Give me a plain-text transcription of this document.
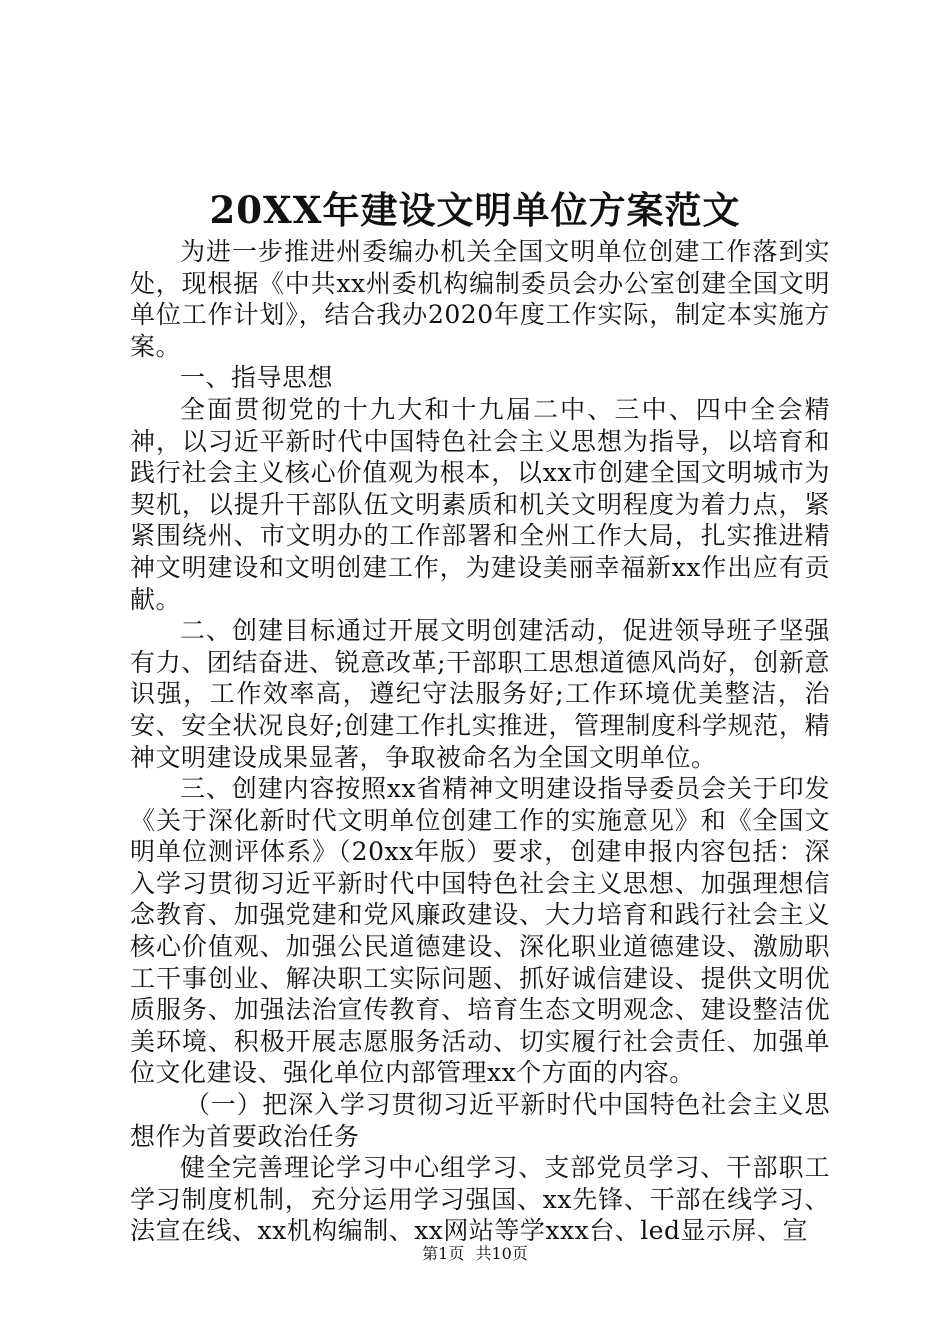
20XX年建设文明单位方案范文

为进一步推进州委编办机关全国文明单位创建工作落到实处，现根据《中共xx州委机构编制委员会办公室创建全国文明单位工作计划》，结合我办2020年度工作实际，制定本实施方案。

一、指导思想

全面贯彻党的十九大和十九届二中、三中、四中全会精神，以习近平新时代中国特色社会主义思想为指导，以培育和践行社会主义核心价值观为根本，以xx市创建全国文明城市为契机，以提升干部队伍文明素质和机关文明程度为着力点，紧紧围绕州、市文明办的工作部署和全州工作大局，扎实推进精神文明建设和文明创建工作，为建设美丽幸福新xx作出应有贡献。

二、创建目标通过开展文明创建活动，促进领导班子坚强有力、团结奋进、锐意改革;干部职工思想道德风尚好，创新意识强，工作效率高，遵纪守法服务好;工作环境优美整洁，治安、安全状况良好;创建工作扎实推进，管理制度科学规范，精神文明建设成果显著，争取被命名为全国文明单位。

三、创建内容按照xx省精神文明建设指导委员会关于印发《关于深化新时代文明单位创建工作的实施意见》和《全国文明单位测评体系》（20xx年版）要求，创建申报内容包括：深入学习贯彻习近平新时代中国特色社会主义思想、加强理想信念教育、加强党建和党风廉政建设、大力培育和践行社会主义核心价值观、加强公民道德建设、深化职业道德建设、激励职工干事创业、解决职工实际问题、抓好诚信建设、提供文明优质服务、加强法治宣传教育、培育生态文明观念、建设整洁优美环境、积极开展志愿服务活动、切实履行社会责任、加强单位文化建设、强化单位内部管理xx个方面的内容。

（一）把深入学习贯彻习近平新时代中国特色社会主义思想作为首要政治任务

健全完善理论学习中心组学习、支部党员学习、干部职工学习制度机制，充分运用学习强国、xx先锋、干部在线学习、法宣在线、xx机构编制、xx网站等学xxx台、led显示屏、宣

第1页 共10页
